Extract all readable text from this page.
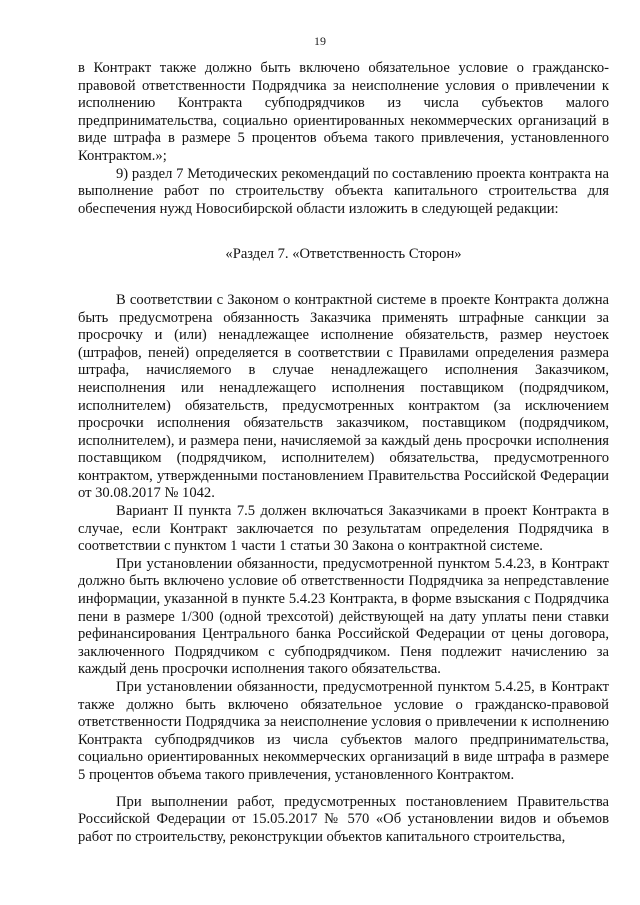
19

в Контракт также должно быть включено обязательное условие о гражданско-правовой ответственности Подрядчика за неисполнение условия о привлечении к исполнению Контракта субподрядчиков из числа субъектов малого предпринимательства, социально ориентированных некоммерческих организаций в виде штрафа в размере 5 процентов объема такого привлечения, установленного Контрактом.»;

9) раздел 7 Методических рекомендаций по составлению проекта контракта на выполнение работ по строительству объекта капитального строительства для обеспечения нужд Новосибирской области изложить в следующей редакции:

«Раздел 7. «Ответственность Сторон»

В соответствии с Законом о контрактной системе в проекте Контракта должна быть предусмотрена обязанность Заказчика применять штрафные санкции за просрочку и (или) ненадлежащее исполнение обязательств, размер неустоек (штрафов, пеней) определяется в соответствии с Правилами определения размера штрафа, начисляемого в случае ненадлежащего исполнения Заказчиком, неисполнения или ненадлежащего исполнения поставщиком (подрядчиком, исполнителем) обязательств, предусмотренных контрактом (за исключением просрочки исполнения обязательств заказчиком, поставщиком (подрядчиком, исполнителем), и размера пени, начисляемой за каждый день просрочки исполнения поставщиком (подрядчиком, исполнителем) обязательства, предусмотренного контрактом, утвержденными постановлением Правительства Российской Федерации от 30.08.2017 № 1042.

Вариант II пункта 7.5 должен включаться Заказчиками в проект Контракта в случае, если Контракт заключается по результатам определения Подрядчика в соответствии с пунктом 1 части 1 статьи 30 Закона о контрактной системе.

При установлении обязанности, предусмотренной пунктом 5.4.23, в Контракт должно быть включено условие об ответственности Подрядчика за непредставление информации, указанной в пункте 5.4.23 Контракта, в форме взыскания с Подрядчика пени в размере 1/300 (одной трехсотой) действующей на дату уплаты пени ставки рефинансирования Центрального банка Российской Федерации от цены договора, заключенного Подрядчиком с субподрядчиком. Пеня подлежит начислению за каждый день просрочки исполнения такого обязательства.

При установлении обязанности, предусмотренной пунктом 5.4.25, в Контракт также должно быть включено обязательное условие о гражданско-правовой ответственности Подрядчика за неисполнение условия о привлечении к исполнению Контракта субподрядчиков из числа субъектов малого предпринимательства, социально ориентированных некоммерческих организаций в виде штрафа в размере 5 процентов объема такого привлечения, установленного Контрактом.

При выполнении работ, предусмотренных постановлением Правительства Российской Федерации от 15.05.2017 № 570 «Об установлении видов и объемов работ по строительству, реконструкции объектов капитального строительства,
